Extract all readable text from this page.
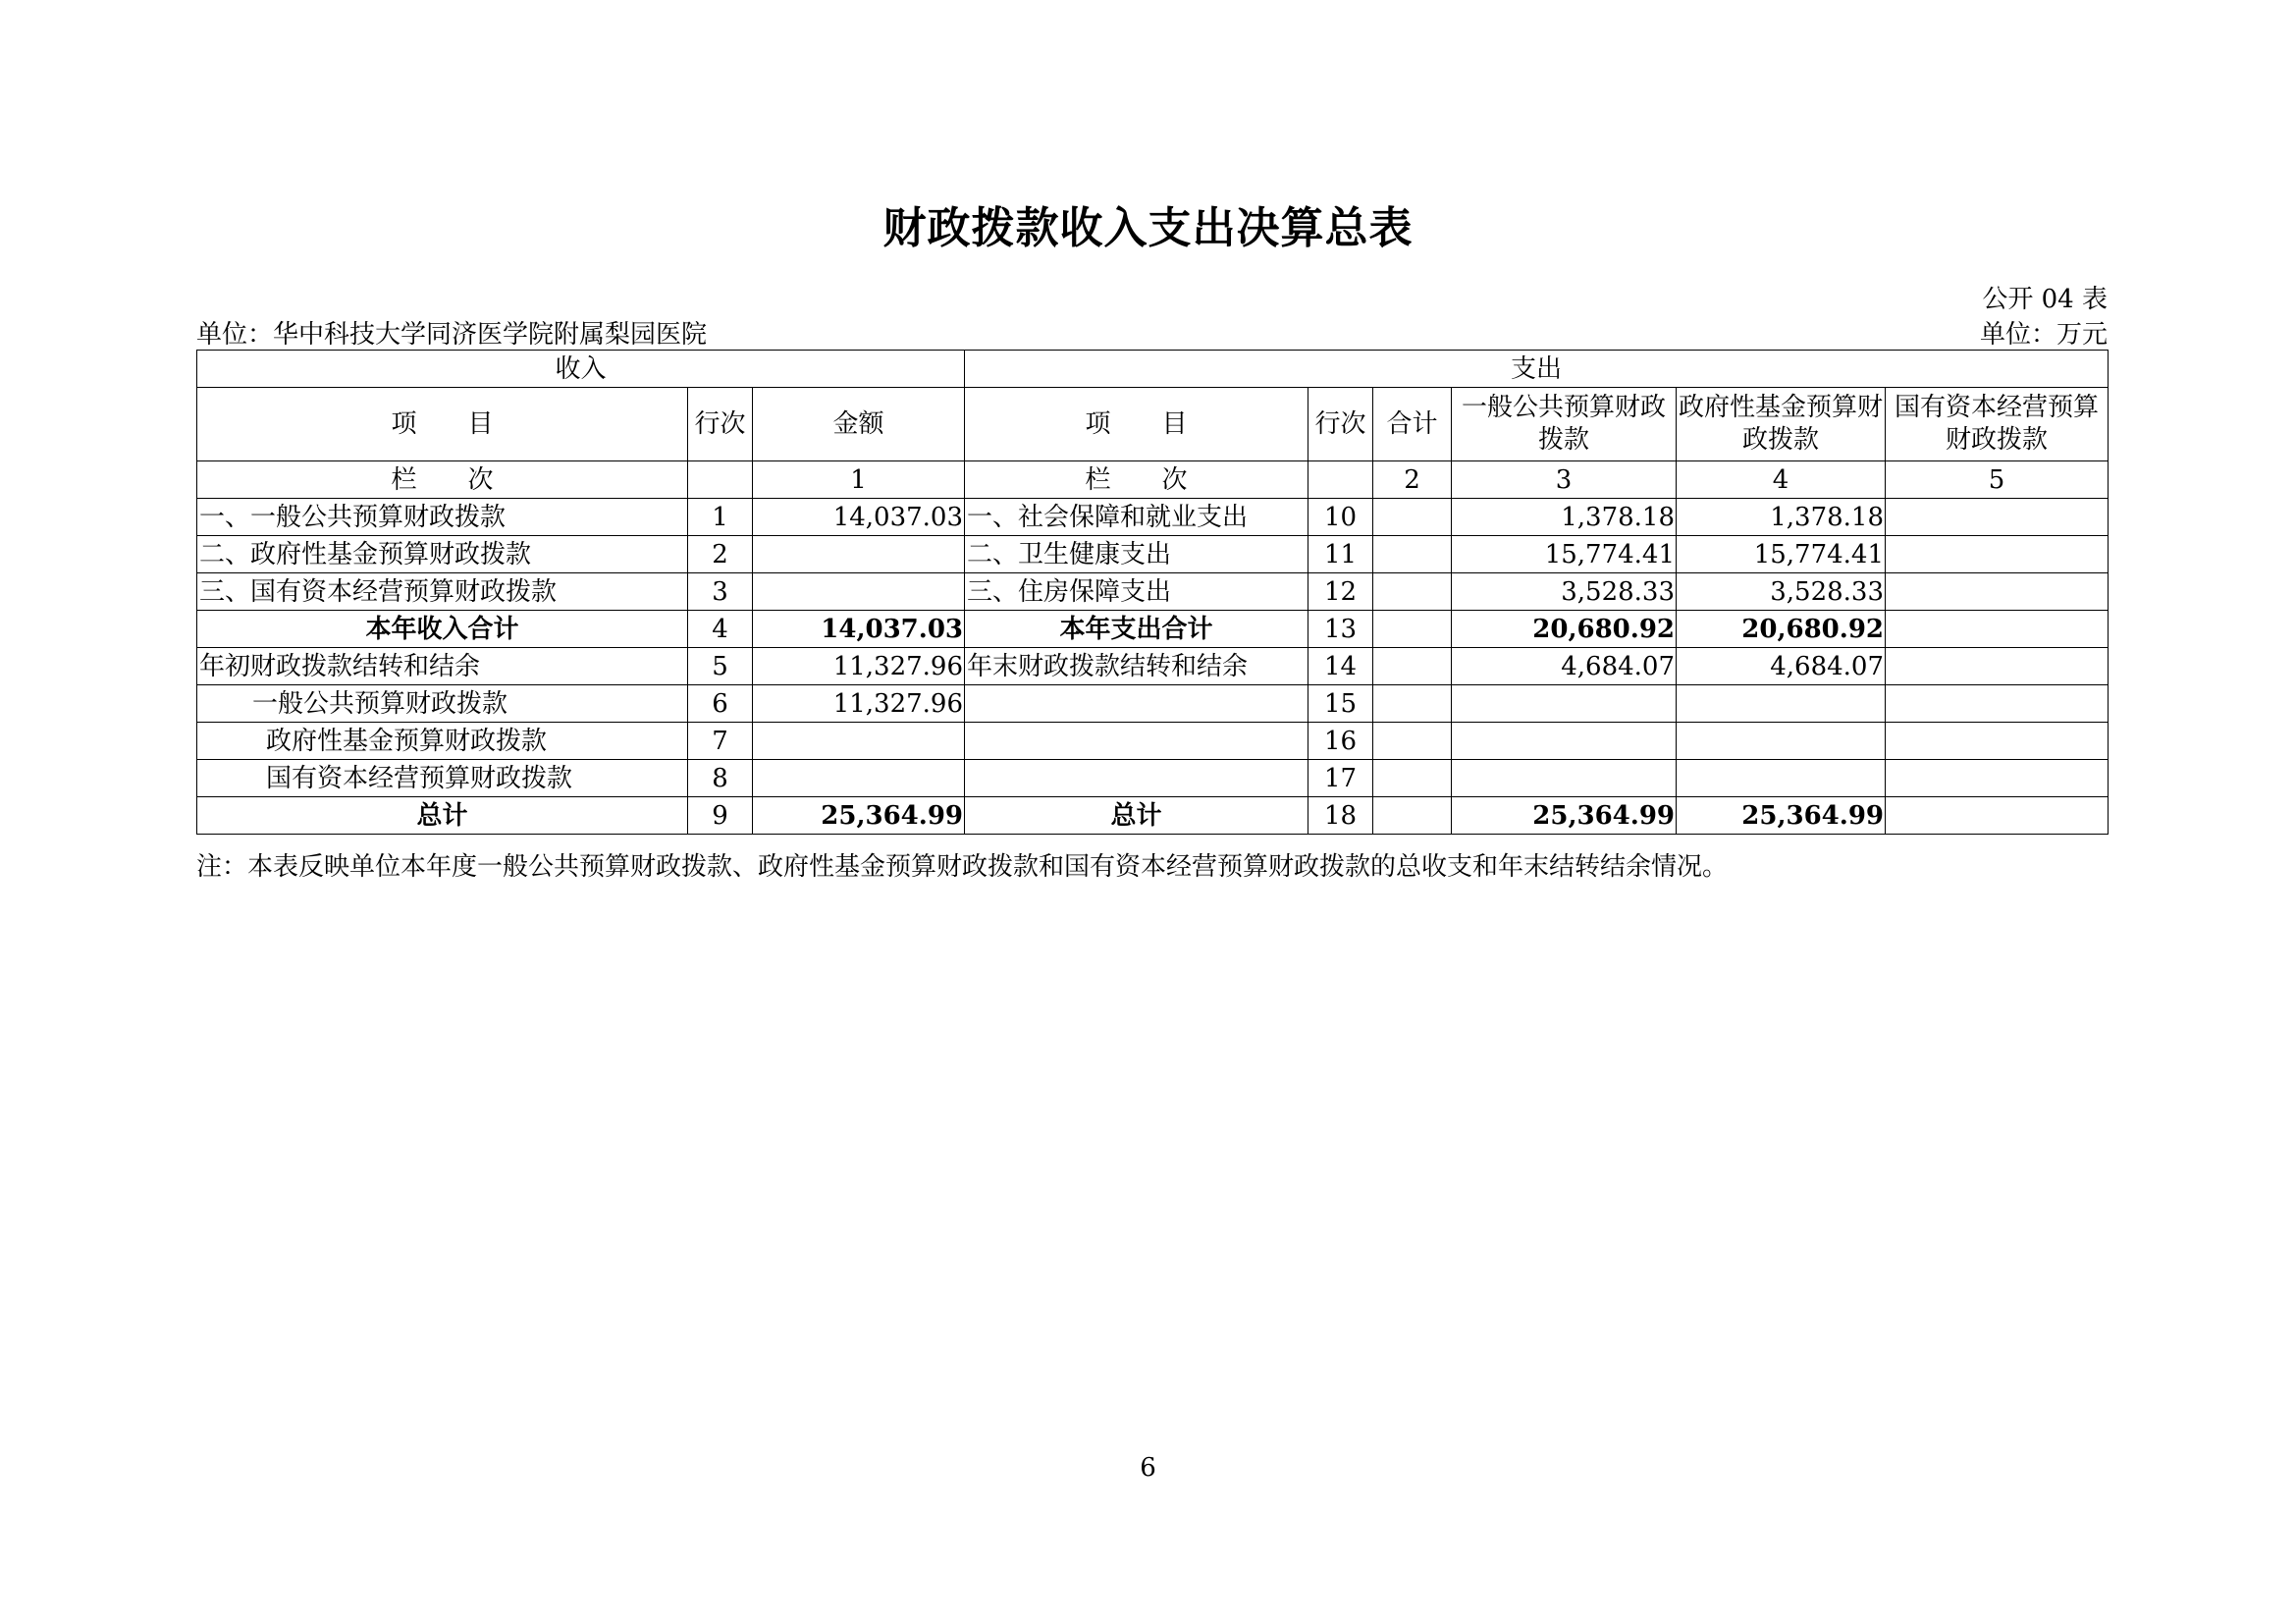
财政拨款收入支出决算总表
公开 04 表
单位：华中科技大学同济医学院附属梨园医院	单位：万元
收入			支出					
项　　目	行次	金额	项　　目	行次	合计	一般公共预算财政拨款	政府性基金预算财政拨款	国有资本经营预算财政拨款
栏　　次		1	栏　　次		2	3	4	5
一、一般公共预算财政拨款	1	14,037.03	一、社会保障和就业支出	10		1,378.18	1,378.18	
二、政府性基金预算财政拨款	2		二、卫生健康支出	11		15,774.41	15,774.41	
三、国有资本经营预算财政拨款	3		三、住房保障支出	12		3,528.33	3,528.33	
本年收入合计	4	14,037.03	本年支出合计	13		20,680.92	20,680.92	
年初财政拨款结转和结余	5	11,327.96	年末财政拨款结转和结余	14		4,684.07	4,684.07	
一般公共预算财政拨款	6	11,327.96		15				
政府性基金预算财政拨款	7			16				
国有资本经营预算财政拨款	8			17				
总计	9	25,364.99	总计	18		25,364.99	25,364.99	
注：本表反映单位本年度一般公共预算财政拨款、政府性基金预算财政拨款和国有资本经营预算财政拨款的总收支和年末结转结余情况。
6
